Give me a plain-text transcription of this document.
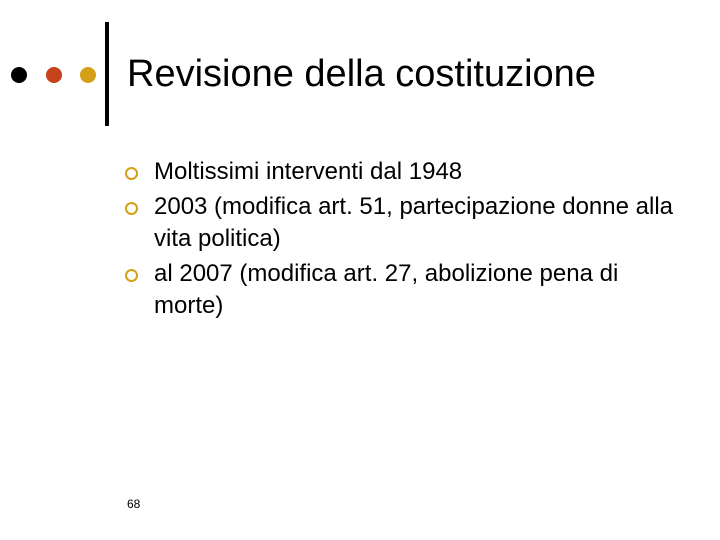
Revisione della costituzione
Moltissimi interventi dal 1948
2003 (modifica art. 51, partecipazione donne alla vita politica)
al 2007 (modifica art. 27, abolizione pena di morte)
68
